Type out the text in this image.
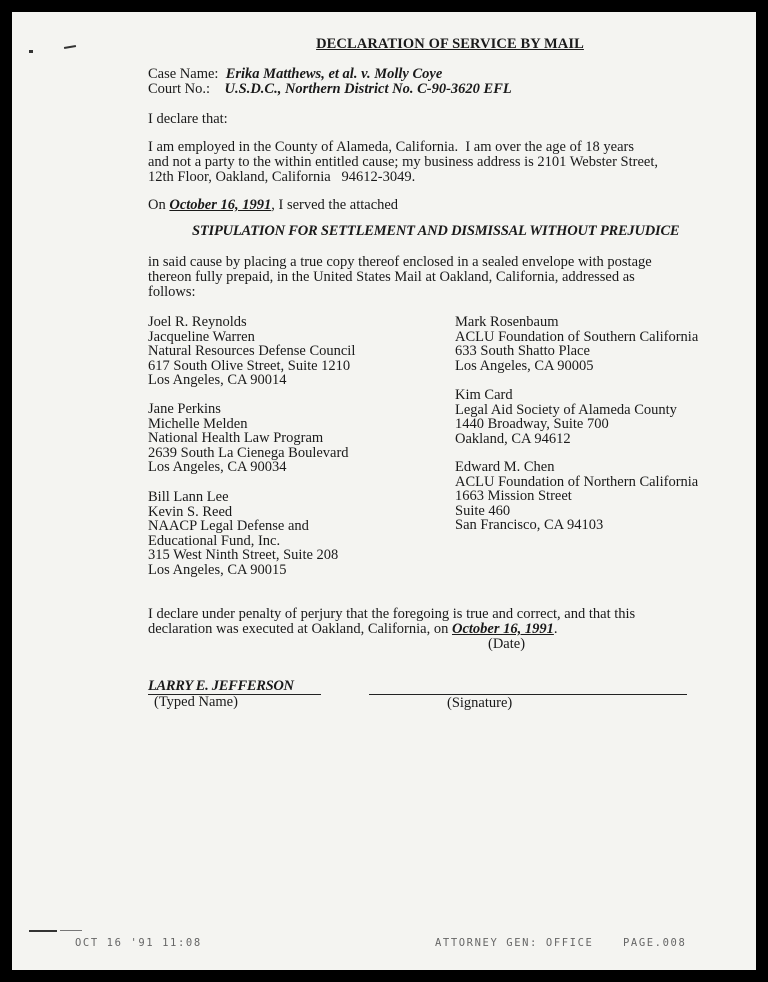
DECLARATION OF SERVICE BY MAIL
Case Name: Erika Matthews, et al. v. Molly Coye
Court No.: U.S.D.C., Northern District No. C-90-3620 EFL
I declare that:
I am employed in the County of Alameda, California.  I am over the age of 18 years
and not a party to the within entitled cause; my business address is 2101 Webster Street,
12th Floor, Oakland, California   94612-3049.
On October 16, 1991, I served the attached
STIPULATION FOR SETTLEMENT AND DISMISSAL WITHOUT PREJUDICE
in said cause by placing a true copy thereof enclosed in a sealed envelope with postage
thereon fully prepaid, in the United States Mail at Oakland, California, addressed as
follows:
Joel R. Reynolds
Jacqueline Warren
Natural Resources Defense Council
617 South Olive Street, Suite 1210
Los Angeles, CA 90014
Jane Perkins
Michelle Melden
National Health Law Program
2639 South La Cienega Boulevard
Los Angeles, CA 90034
Bill Lann Lee
Kevin S. Reed
NAACP Legal Defense and
Educational Fund, Inc.
315 West Ninth Street, Suite 208
Los Angeles, CA 90015
Mark Rosenbaum
ACLU Foundation of Southern California
633 South Shatto Place
Los Angeles, CA 90005
Kim Card
Legal Aid Society of Alameda County
1440 Broadway, Suite 700
Oakland, CA 94612
Edward M. Chen
ACLU Foundation of Northern California
1663 Mission Street
Suite 460
San Francisco, CA 94103
I declare under penalty of perjury that the foregoing is true and correct, and that this
declaration was executed at Oakland, California, on October 16, 1991.
(Date)
LARRY E. JEFFERSON
(Typed Name)	(Signature)
OCT 16 '91 11:08	ATTORNEY GEN: OFFICE	PAGE.008
